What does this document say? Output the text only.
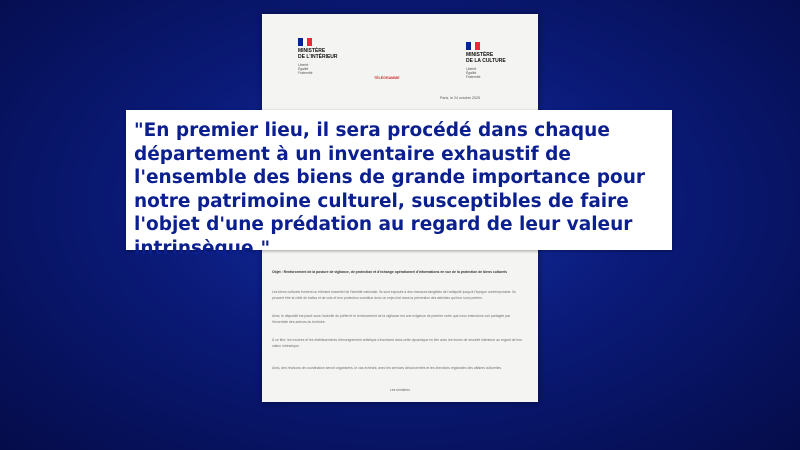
MINISTÈRE
DE L'INTÉRIEUR
Liberté
Égalité
Fraternité
MINISTÈRE
DE LA CULTURE
Liberté
Égalité
Fraternité
TÉLÉGRAMME
Paris, le 24 octobre 2025

Objet : Renforcement de la posture de vigilance, de protection et d'échange opérationnel d'informations en vue de la protection de biens culturels

Les biens culturels forment un élément essentiel de l'identité nationale. Ils sont exposés à des menaces tangibles de l'antiquité jusqu'à l'époque contemporaine. Ils peuvent être la cible de trafics et de vols et leur protection constitue donc un enjeu fort dans la prévention des atteintes qui leur sont portées.

Ainsi, le dispositif est placé sous l'autorité du préfet et le renforcement de la vigilance est une exigence de premier ordre que nous entendons voir partagée par l'ensemble des acteurs du territoire.

À ce titre, les musées et les établissements d'enseignement artistique s'inscrivent dans cette dynamique en lien avec les forces de sécurité intérieure au regard de leur valeur intrinsèque.

Ainsi, des réunions de coordination seront organisées, le cas échéant, avec les services déconcentrés et les directions régionales des affaires culturelles.

Les ministres

"En premier lieu, il sera procédé dans chaque
département à un inventaire exhaustif de
l'ensemble des biens de grande importance pour
notre patrimoine culturel, susceptibles de faire
l'objet d'une prédation au regard de leur valeur
intrinsèque."
